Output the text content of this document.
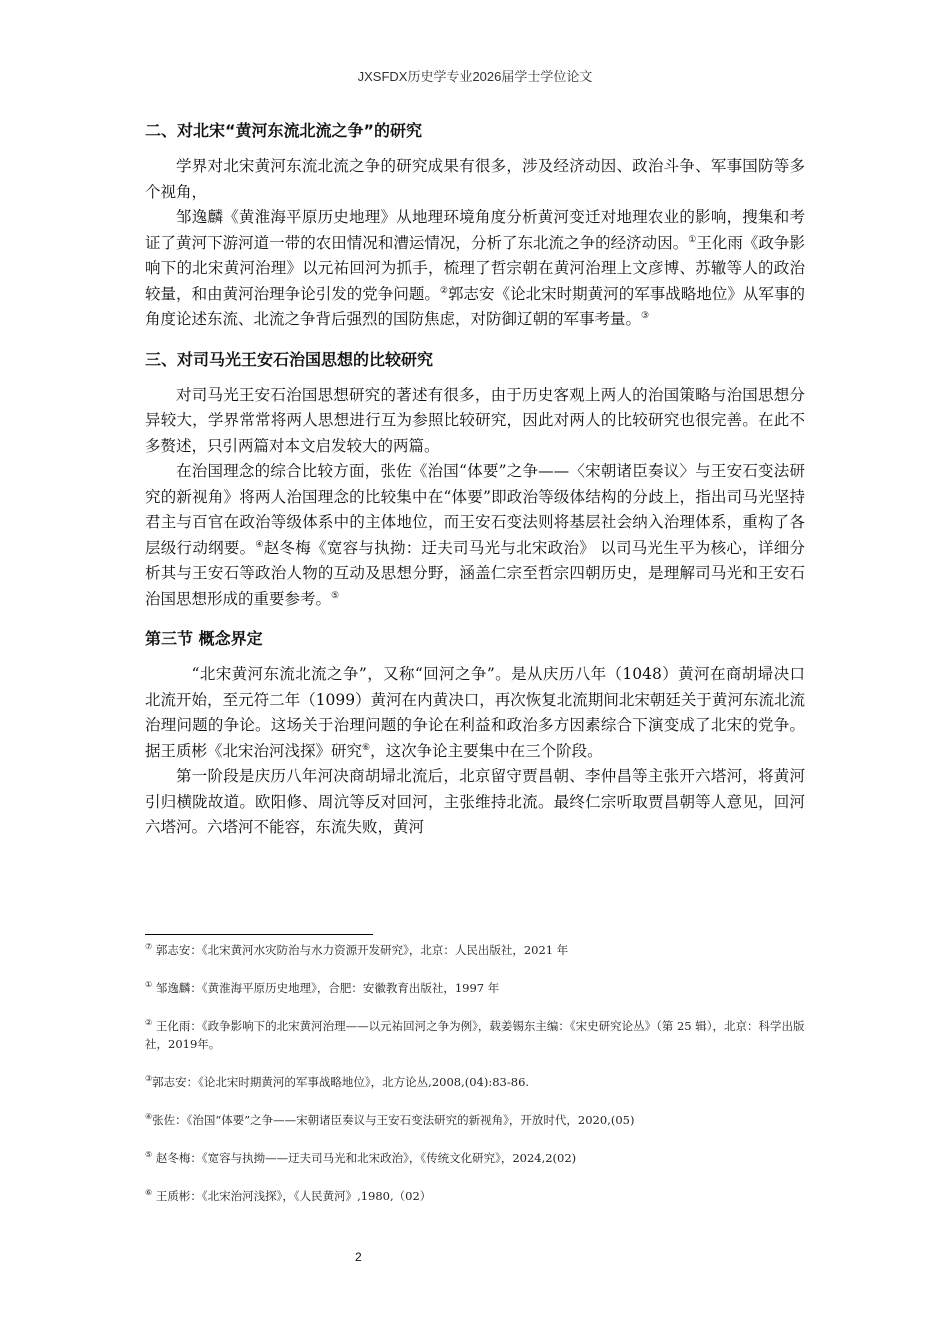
JXSFDX历史学专业2026届学士学位论文
二、对北宋“黄河东流北流之争”的研究

学界对北宋黄河东流北流之争的研究成果有很多，涉及经济动因、政治斗争、军事国防等多个视角，

邹逸麟《黄淮海平原历史地理》从地理环境角度分析黄河变迁对地理农业的影响，搜集和考证了黄河下游河道一带的农田情况和漕运情况，分析了东北流之争的经济动因。①王化雨《政争影响下的北宋黄河治理》以元祐回河为抓手，梳理了哲宗朝在黄河治理上文彦博、苏辙等人的政治较量，和由黄河治理争论引发的党争问题。②郭志安《论北宋时期黄河的军事战略地位》从军事的角度论述东流、北流之争背后强烈的国防焦虑，对防御辽朝的军事考量。③

三、对司马光王安石治国思想的比较研究

对司马光王安石治国思想研究的著述有很多，由于历史客观上两人的治国策略与治国思想分异较大，学界常常将两人思想进行互为参照比较研究，因此对两人的比较研究也很完善。在此不多赘述，只引两篇对本文启发较大的两篇。

在治国理念的综合比较方面，张佐《治国“体要”之争——〈宋朝诸臣奏议〉与王安石变法研究的新视角》将两人治国理念的比较集中在“体要”即政治等级体结构的分歧上，指出司马光坚持君主与百官在政治等级体系中的主体地位，而王安石变法则将基层社会纳入治理体系，重构了各层级行动纲要。④赵冬梅《宽容与执拗：迂夫司马光与北宋政治》 以司马光生平为核心，详细分析其与王安石等政治人物的互动及思想分野，涵盖仁宗至哲宗四朝历史，是理解司马光和王安石治国思想形成的重要参考。⑤

第三节 概念界定

“北宋黄河东流北流之争”，又称“回河之争”。是从庆历八年（1048）黄河在商胡埽决口北流开始，至元符二年（1099）黄河在内黄决口，再次恢复北流期间北宋朝廷关于黄河东流北流治理问题的争论。这场关于治理问题的争论在利益和政治多方因素综合下演变成了北宋的党争。据王质彬《北宋治河浅探》研究⑥，这次争论主要集中在三个阶段。

第一阶段是庆历八年河决商胡埽北流后，北京留守贾昌朝、李仲昌等主张开六塔河，将黄河引归横陇故道。欧阳修、周沆等反对回河，主张维持北流。最终仁宗听取贾昌朝等人意见，回河六塔河。六塔河不能容，东流失败，黄河

⑦ 郭志安：《北宋黄河水灾防治与水力资源开发研究》，北京：人民出版社，2021 年
① 邹逸麟：《黄淮海平原历史地理》，合肥：安徽教育出版社，1997 年
② 王化雨：《政争影响下的北宋黄河治理——以元祐回河之争为例》，载姜锡东主编：《宋史研究论丛》（第 25 辑），北京：科学出版社，2019年。
③郭志安：《论北宋时期黄河的军事战略地位》，北方论丛,2008,(04):83-86.
④张佐：《治国“体要”之争——宋朝诸臣奏议与王安石变法研究的新视角》，开放时代，2020,(05)
⑤ 赵冬梅：《宽容与执拗——迂夫司马光和北宋政治》，《传统文化研究》，2024,2(02)
⑥ 王质彬：《北宋治河浅探》，《人民黄河》,1980,（02）
2
